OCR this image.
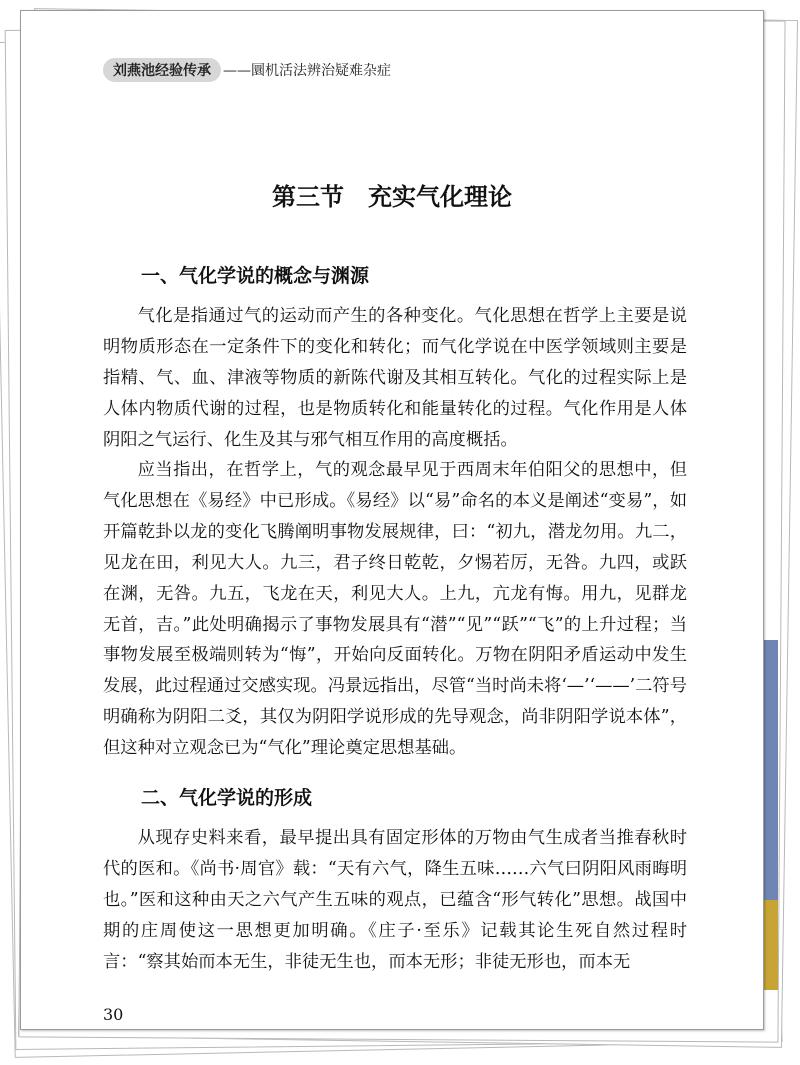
刘燕池经验传承 ——圜机活法辨治疑难杂症
第三节　充实气化理论
一、气化学说的概念与渊源

气化是指通过气的运动而产生的各种变化。气化思想在哲学上主要是说明物质形态在一定条件下的变化和转化；而气化学说在中医学领域则主要是指精、气、血、津液等物质的新陈代谢及其相互转化。气化的过程实际上是人体内物质代谢的过程，也是物质转化和能量转化的过程。气化作用是人体阴阳之气运行、化生及其与邪气相互作用的高度概括。

应当指出，在哲学上，气的观念最早见于西周末年伯阳父的思想中，但气化思想在《易经》中已形成。《易经》以“易”命名的本义是阐述“变易”，如开篇乾卦以龙的变化飞腾阐明事物发展规律，曰：“初九，潜龙勿用。九二，见龙在田，利见大人。九三，君子终日乾乾，夕惕若厉，无咎。九四，或跃在渊，无咎。九五，飞龙在天，利见大人。上九，亢龙有悔。用九，见群龙无首，吉。”此处明确揭示了事物发展具有“潜”“见”“跃”“飞”的上升过程；当事物发展至极端则转为“悔”，开始向反面转化。万物在阴阳矛盾运动中发生发展，此过程通过交感实现。冯景远指出，尽管“当时尚未将‘—’‘——’二符号明确称为阴阳二爻，其仅为阴阳学说形成的先导观念，尚非阴阳学说本体”，但这种对立观念已为“气化”理论奠定思想基础。

二、气化学说的形成

从现存史料来看，最早提出具有固定形体的万物由气生成者当推春秋时代的医和。《尚书·周官》载：“天有六气，降生五味……六气曰阴阳风雨晦明也。”医和这种由天之六气产生五味的观点，已蕴含“形气转化”思想。战国中期的庄周使这一思想更加明确。《庄子·至乐》记载其论生死自然过程时言：“察其始而本无生，非徒无生也，而本无形；非徒无形也，而本无

30
